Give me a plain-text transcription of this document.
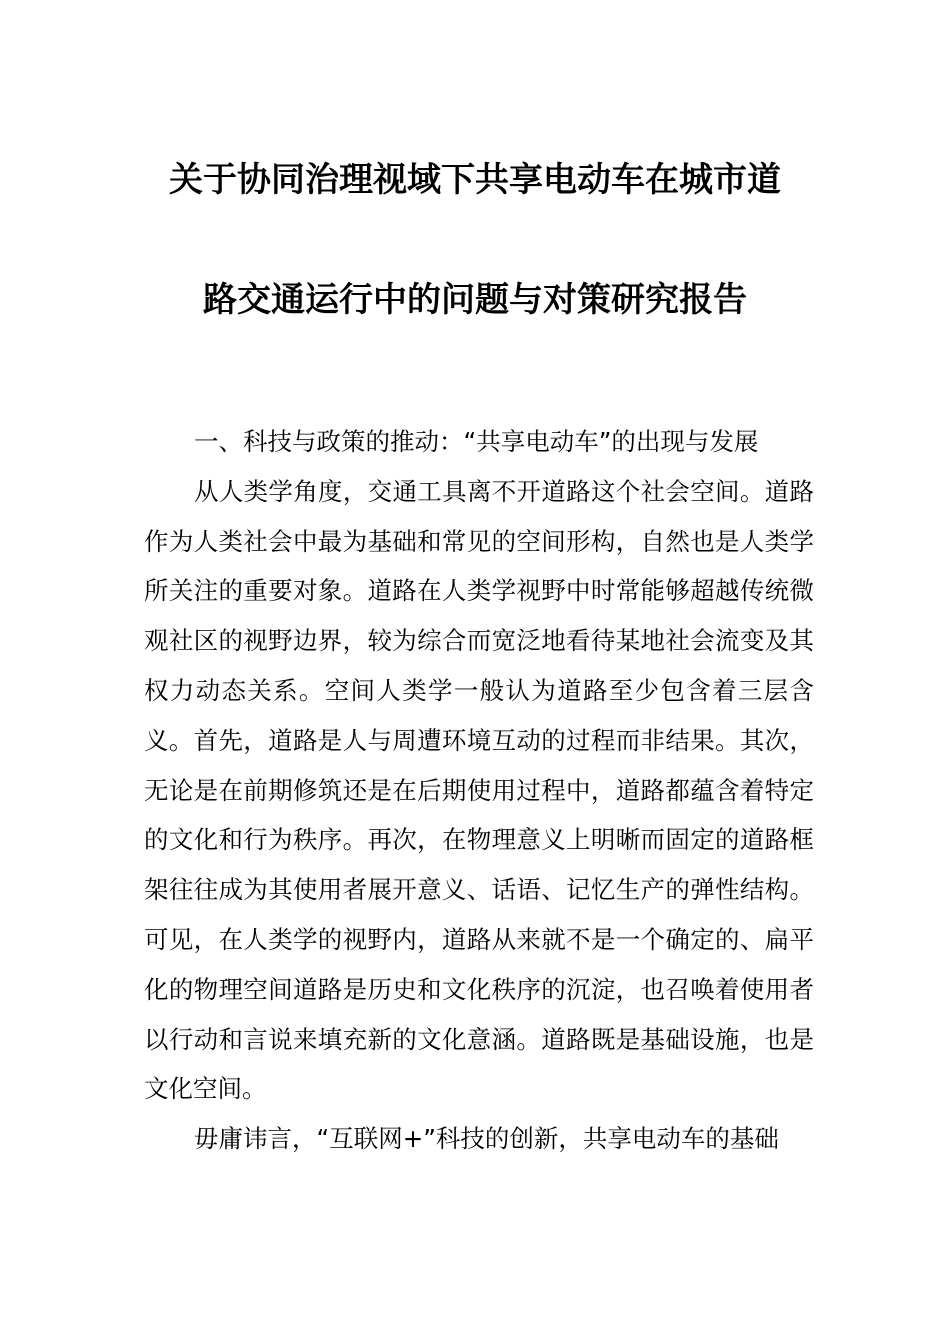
关于协同治理视域下共享电动车在城市道
路交通运行中的问题与对策研究报告

一、科技与政策的推动：“共享电动车”的出现与发展

从人类学角度，交通工具离不开道路这个社会空间。道路作为人类社会中最为基础和常见的空间形构，自然也是人类学所关注的重要对象。道路在人类学视野中时常能够超越传统微观社区的视野边界，较为综合而宽泛地看待某地社会流变及其权力动态关系。空间人类学一般认为道路至少包含着三层含义。首先，道路是人与周遭环境互动的过程而非结果。其次，无论是在前期修筑还是在后期使用过程中，道路都蕴含着特定的文化和行为秩序。再次，在物理意义上明晰而固定的道路框架往往成为其使用者展开意义、话语、记忆生产的弹性结构。可见，在人类学的视野内，道路从来就不是一个确定的、扁平化的物理空间道路是历史和文化秩序的沉淀，也召唤着使用者以行动和言说来填充新的文化意涵。道路既是基础设施，也是文化空间。

毋庸讳言，“互联网+”科技的创新，共享电动车的基础
